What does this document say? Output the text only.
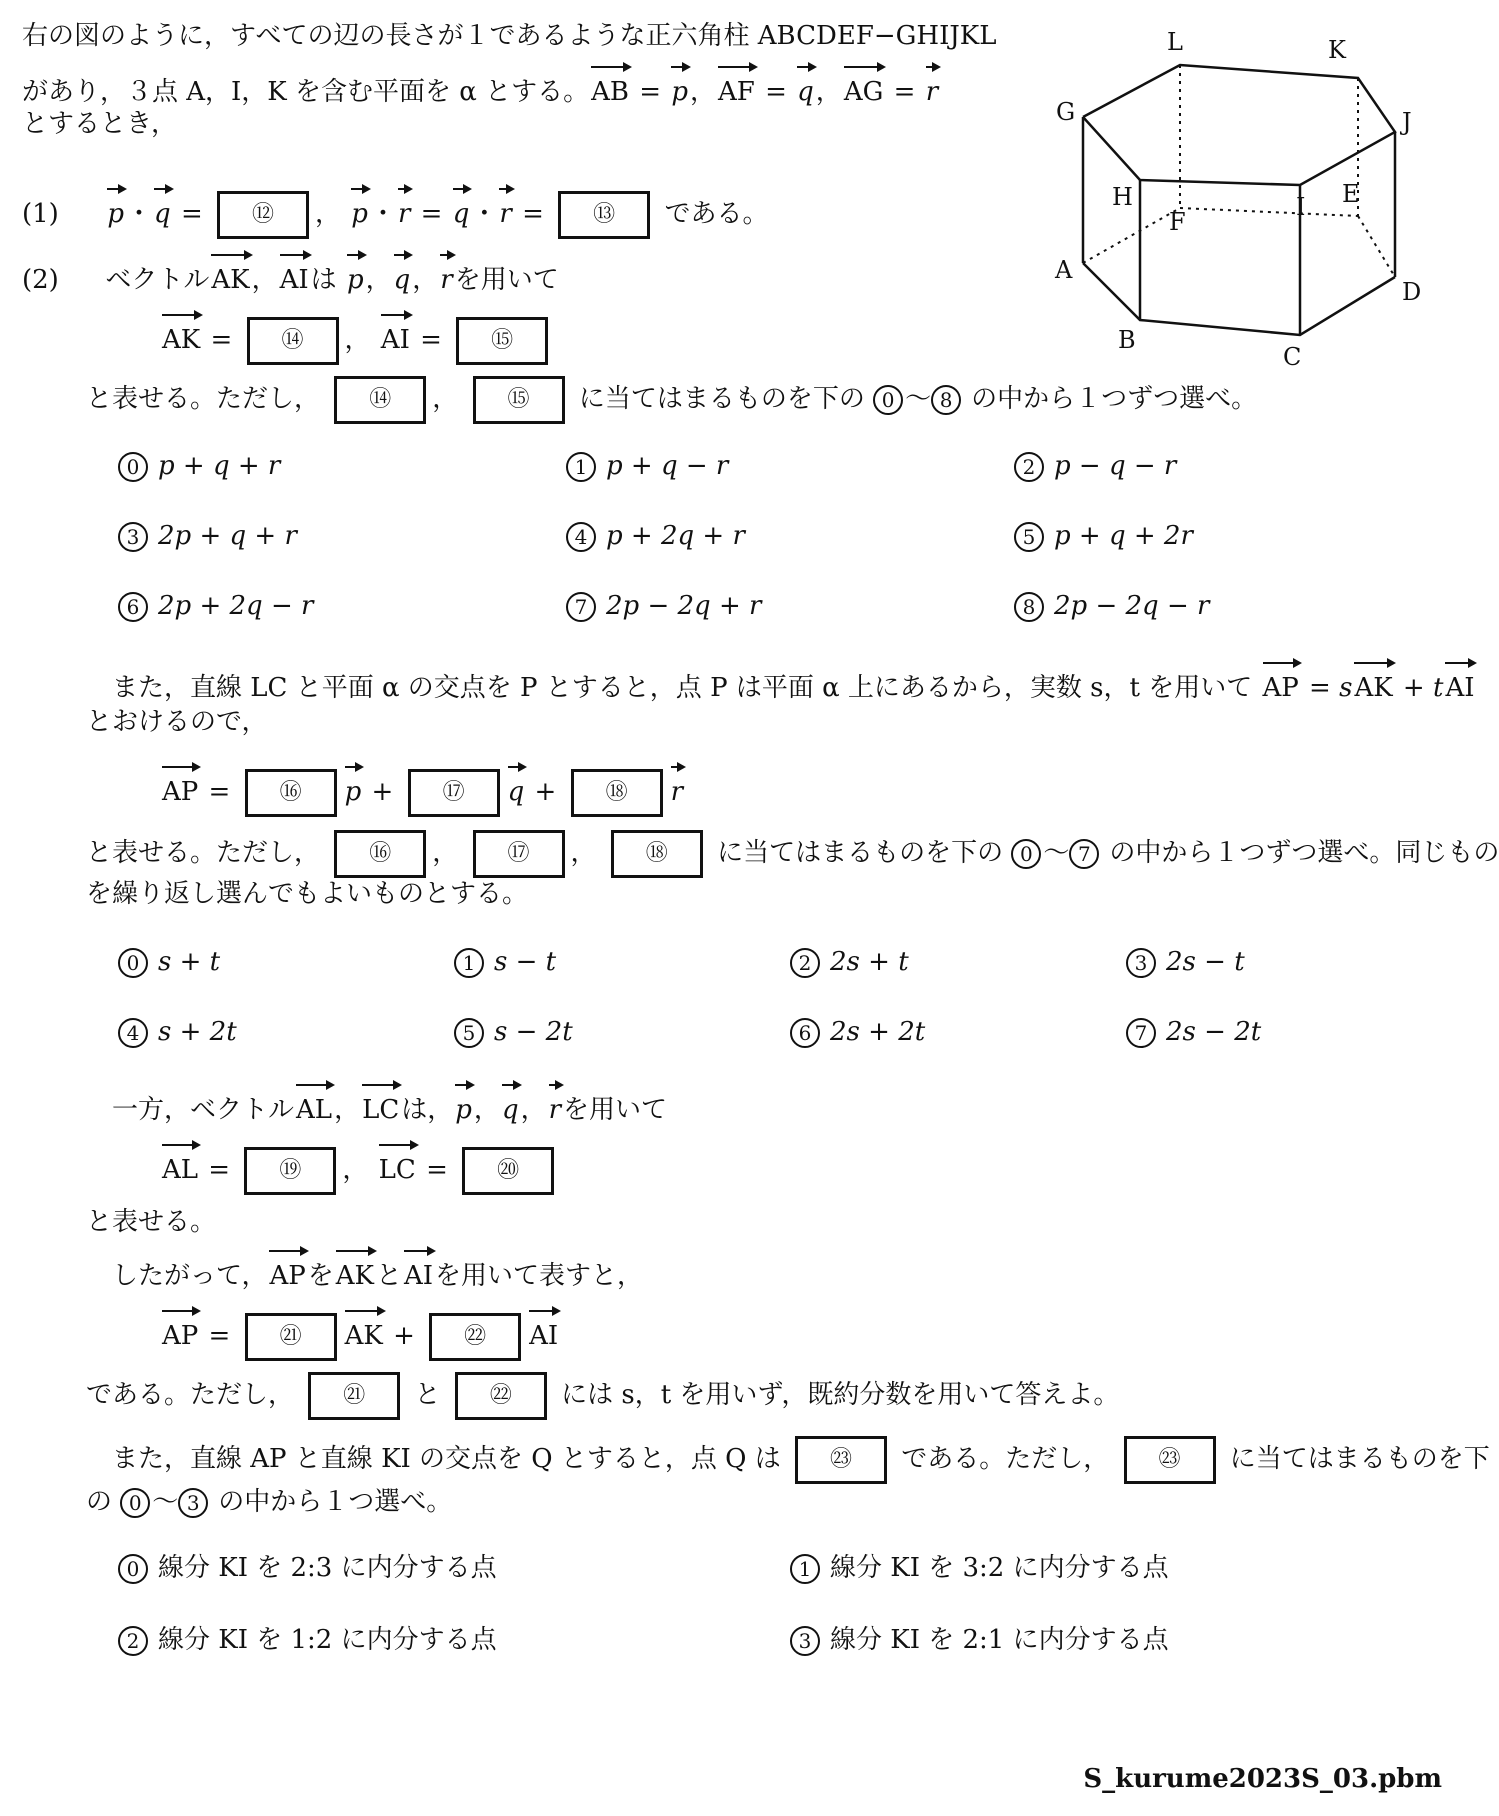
右の図のように，すべての辺の長さが１であるような正六角柱 ABCDEF−GHIJKL
があり，３点 A，I，K を含む平面を α とする。AB = p，AF = q，AG = r
とするとき，
L	K
G	J
H
F
I E
A
D
B
C
(1) p・q = ⑫ ， p・r = q・r = ⑬ である。
(2) ベクトルAK，AIは p，q，rを用いて
AK = ⑭ ， AI = ⑮
と表せる。ただし， ⑭ ， ⑮ に当てはまるものを下の 0 〜 8 の中から１つずつ選べ。
0 p + q + r	1 p + q − r	2 p − q − r
3 2p + q + r	4 p + 2q + r	5 p + q + 2r
6 2p + 2q − r	7 2p − 2q + r	8 2p − 2q − r
また，直線 LC と平面 α の交点を P とすると，点 P は平面 α 上にあるから，実数 s，t を用いて AP = sAK + tAI
とおけるので，
AP = ⑯ p + ⑰ q + ⑱ r
と表せる。ただし， ⑯ ， ⑰ ， ⑱ に当てはまるものを下の 0 〜 7 の中から１つずつ選べ。同じもの
を繰り返し選んでもよいものとする。
0 s + t	1 s − t	2 2s + t	3 2s − t
4 s + 2t	5 s − 2t	6 2s + 2t	7 2s − 2t
一方，ベクトルAL，LCは，p，q，rを用いて
AL = ⑲ ， LC = ⑳
と表せる。
したがって，APをAKとAIを用いて表すと，
AP = ㉑ AK + ㉒ AI
である。ただし， ㉑ と ㉒ には s，t を用いず，既約分数を用いて答えよ。
また，直線 AP と直線 KI の交点を Q とすると，点 Q は ㉓ である。ただし， ㉓ に当てはまるものを下
の 0 〜 3 の中から１つ選べ。
0 線分 KI を 2:3 に内分する点	1 線分 KI を 3:2 に内分する点
2 線分 KI を 1:2 に内分する点	3 線分 KI を 2:1 に内分する点
S_kurume2023S_03.pbm
